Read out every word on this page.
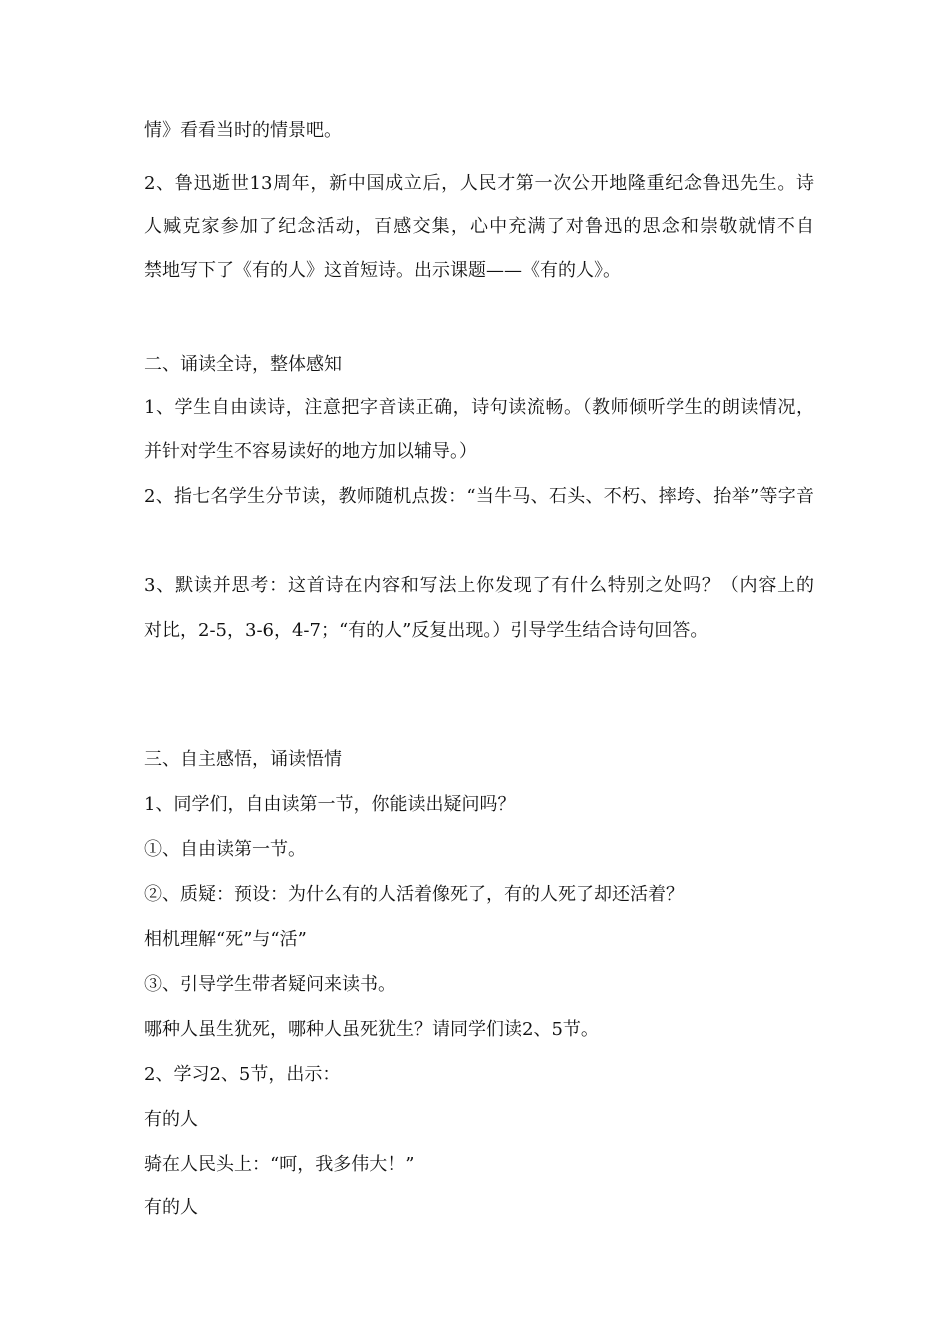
情》看看当时的情景吧。
2、鲁迅逝世13周年，新中国成立后，人民才第一次公开地隆重纪念鲁迅先生。诗
人臧克家参加了纪念活动，百感交集，心中充满了对鲁迅的思念和崇敬就情不自
禁地写下了《有的人》这首短诗。出示课题——《有的人》。
二、诵读全诗，整体感知
1、学生自由读诗，注意把字音读正确，诗句读流畅。（教师倾听学生的朗读情况，
并针对学生不容易读好的地方加以辅导。）
2、指七名学生分节读，教师随机点拨：“当牛马、石头、不朽、摔垮、抬举”等字音
3、默读并思考：这首诗在内容和写法上你发现了有什么特别之处吗？（内容上的
对比，2-5，3-6，4-7；“有的人”反复出现。）引导学生结合诗句回答。
三、自主感悟，诵读悟情
1、同学们，自由读第一节，你能读出疑问吗？
①、自由读第一节。
②、质疑：预设：为什么有的人活着像死了，有的人死了却还活着？
相机理解“死”与“活”
③、引导学生带者疑问来读书。
哪种人虽生犹死，哪种人虽死犹生？请同学们读2、5节。
2、学习2、5节，出示：
有的人
骑在人民头上：“呵，我多伟大！”
有的人
